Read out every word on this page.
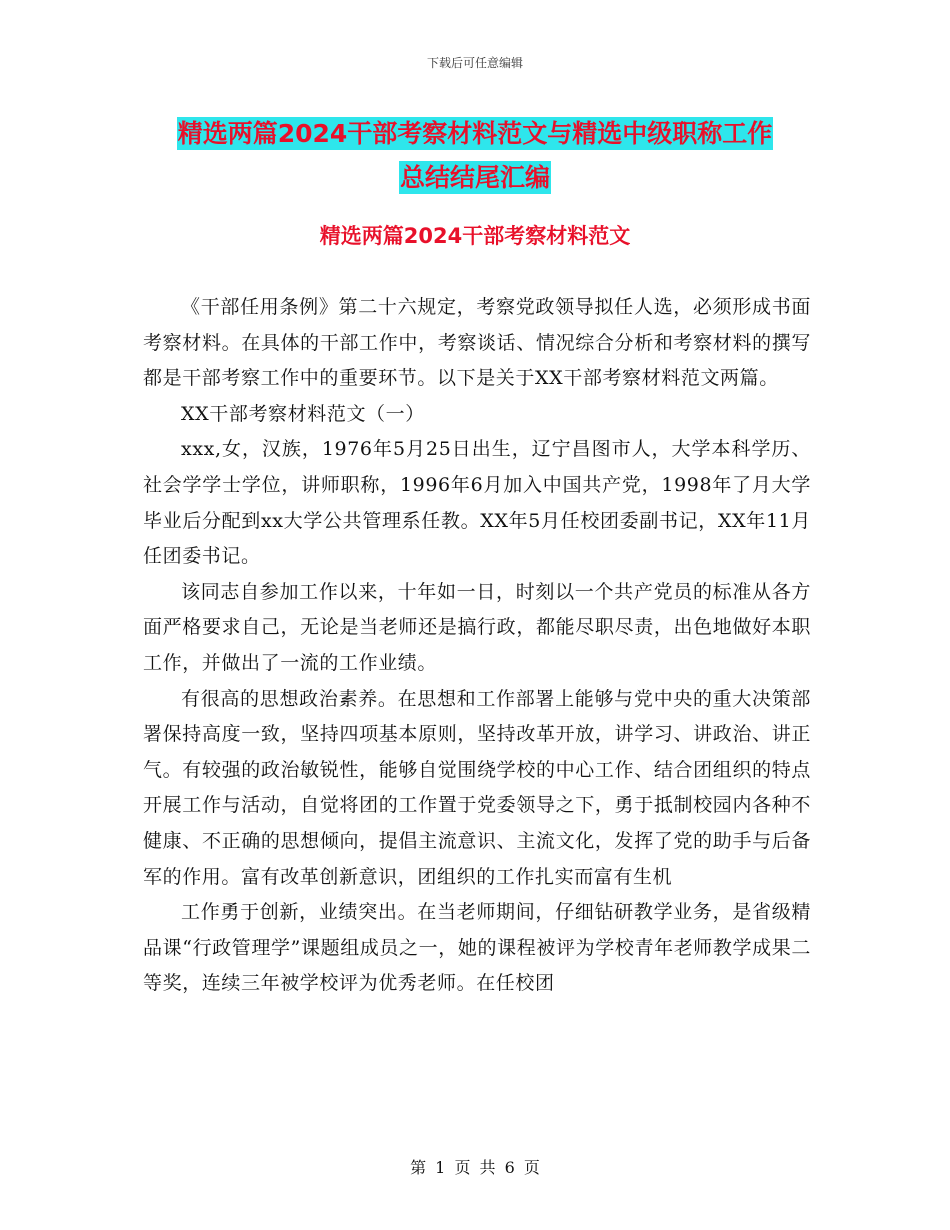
下载后可任意编辑
精选两篇2024干部考察材料范文与精选中级职称工作
总结结尾汇编
精选两篇2024干部考察材料范文

《干部任用条例》第二十六规定，考察党政领导拟任人选，必须形成书面考察材料。在具体的干部工作中，考察谈话、情况综合分析和考察材料的撰写都是干部考察工作中的重要环节。以下是关于XX干部考察材料范文两篇。

XX干部考察材料范文（一）

xxx,女，汉族，1976年5月25日出生，辽宁昌图市人，大学本科学历、社会学学士学位，讲师职称，1996年6月加入中国共产党，1998年了月大学毕业后分配到xx大学公共管理系任教。XX年5月任校团委副书记，XX年11月任团委书记。

该同志自参加工作以来，十年如一日，时刻以一个共产党员的标准从各方面严格要求自己，无论是当老师还是搞行政，都能尽职尽责，出色地做好本职工作，并做出了一流的工作业绩。

有很高的思想政治素养。在思想和工作部署上能够与党中央的重大决策部署保持高度一致，坚持四项基本原则，坚持改革开放，讲学习、讲政治、讲正气。有较强的政治敏锐性，能够自觉围绕学校的中心工作、结合团组织的特点开展工作与活动，自觉将团的工作置于党委领导之下，勇于抵制校园内各种不健康、不正确的思想倾向，提倡主流意识、主流文化，发挥了党的助手与后备军的作用。富有改革创新意识，团组织的工作扎实而富有生机

工作勇于创新，业绩突出。在当老师期间，仔细钻研教学业务，是省级精品课“行政管理学”课题组成员之一，她的课程被评为学校青年老师教学成果二等奖，连续三年被学校评为优秀老师。在任校团

第 1 页 共 6 页
